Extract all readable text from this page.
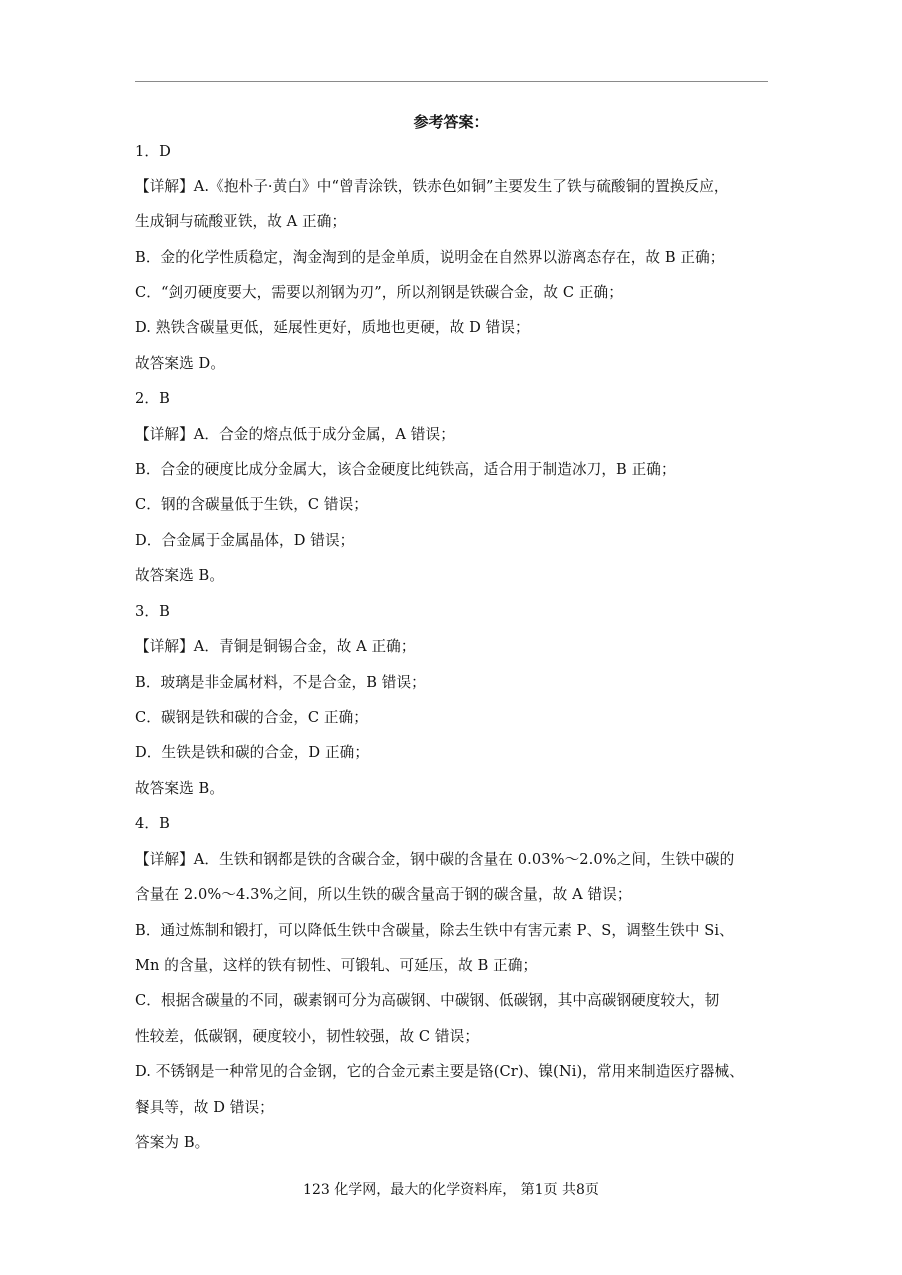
参考答案：
1．D
【详解】A.《抱朴子·黄白》中“曾青涂铁，铁赤色如铜”主要发生了铁与硫酸铜的置换反应，
生成铜与硫酸亚铁，故 A 正确；
B．金的化学性质稳定，淘金淘到的是金单质，说明金在自然界以游离态存在，故 B 正确；
C．“剑刃硬度要大，需要以剂钢为刃”，所以剂钢是铁碳合金，故 C 正确；
D. 熟铁含碳量更低，延展性更好，质地也更硬，故 D 错误；
故答案选 D。
2．B
【详解】A．合金的熔点低于成分金属，A 错误；
B．合金的硬度比成分金属大，该合金硬度比纯铁高，适合用于制造冰刀，B 正确；
C．钢的含碳量低于生铁，C 错误；
D．合金属于金属晶体，D 错误；
故答案选 B。
3．B
【详解】A．青铜是铜锡合金，故 A 正确；
B．玻璃是非金属材料，不是合金，B 错误；
C．碳钢是铁和碳的合金，C 正确；
D．生铁是铁和碳的合金，D 正确；
故答案选 B。
4．B
【详解】A．生铁和钢都是铁的含碳合金，钢中碳的含量在 0.03%～2.0%之间，生铁中碳的
含量在 2.0%～4.3%之间，所以生铁的碳含量高于钢的碳含量，故 A 错误；
B．通过炼制和锻打，可以降低生铁中含碳量，除去生铁中有害元素 P、S，调整生铁中 Si、
Mn 的含量，这样的铁有韧性、可锻轧、可延压，故 B 正确；
C．根据含碳量的不同，碳素钢可分为高碳钢、中碳钢、低碳钢，其中高碳钢硬度较大，韧
性较差，低碳钢，硬度较小，韧性较强，故 C 错误；
D. 不锈钢是一种常见的合金钢，它的合金元素主要是铬(Cr)、镍(Ni)，常用来制造医疗器械、
餐具等，故 D 错误；
答案为 B。
123 化学网，最大的化学资料库， 第1页 共8页
